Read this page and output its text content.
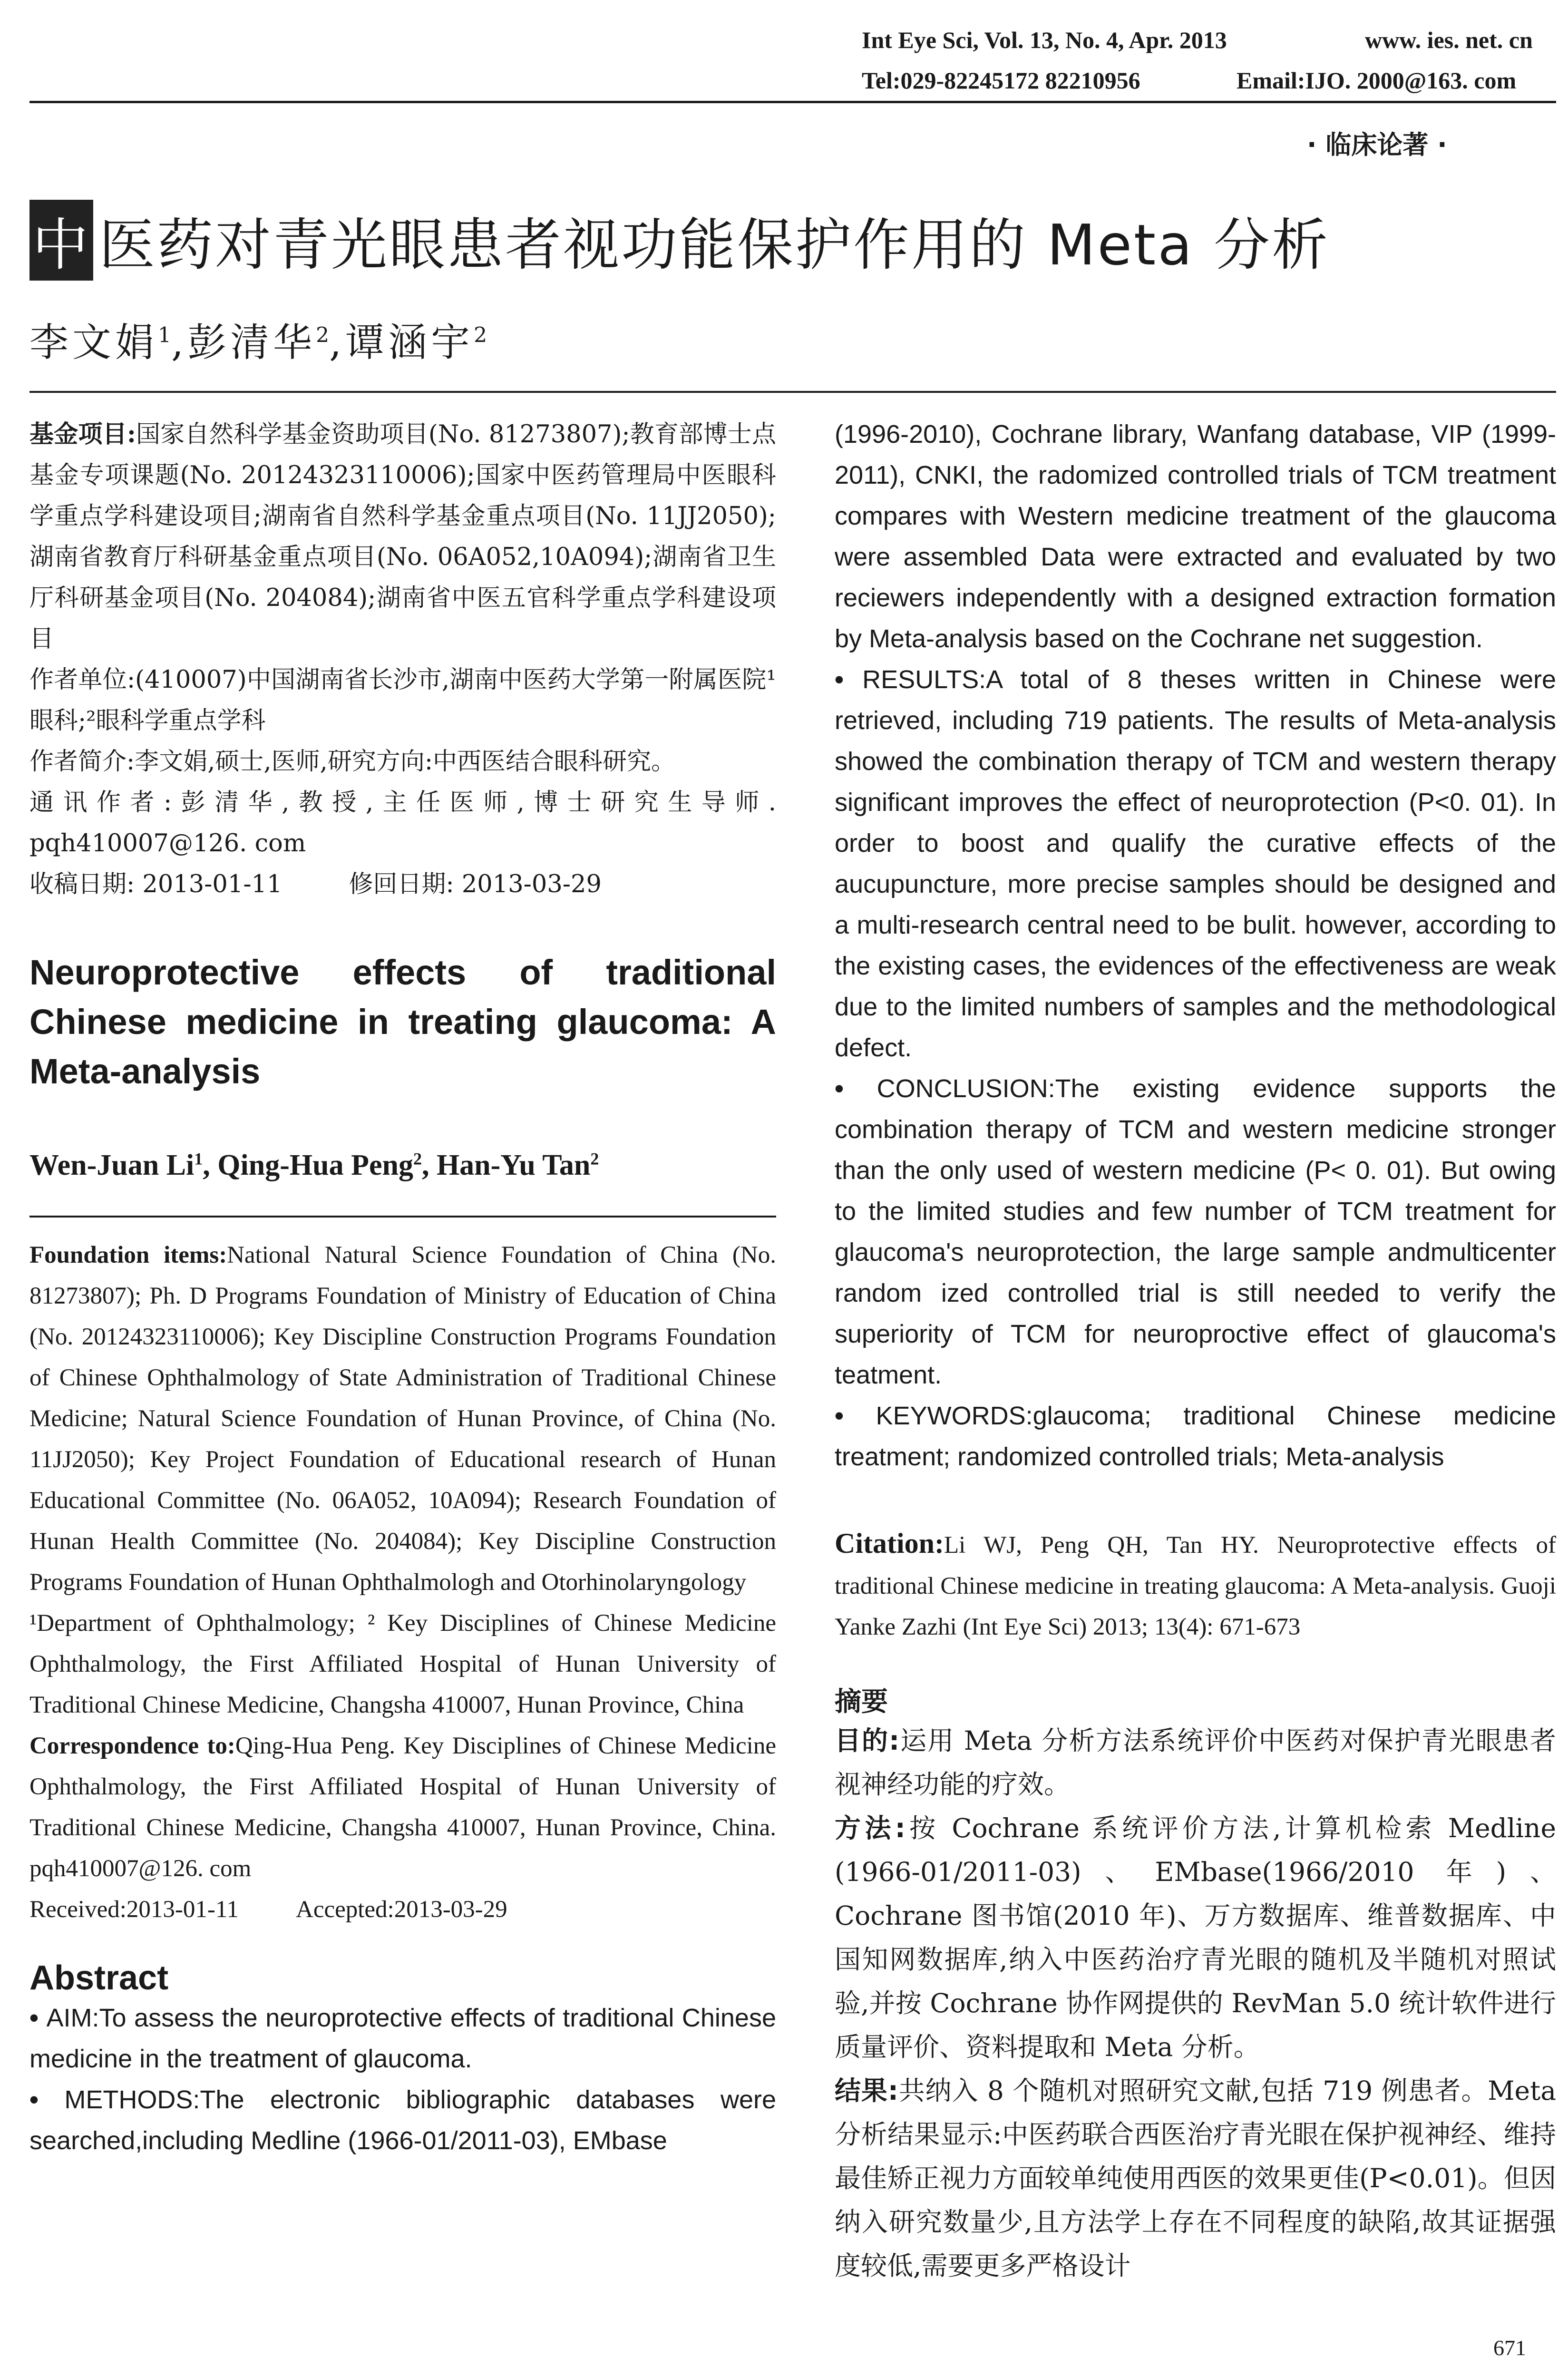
Int Eye Sci, Vol. 13, No. 4, Apr. 2013	www. ies. net. cn
Tel:029-82245172 82210956	Email:IJO. 2000@163. com
· 临床论著 ·
中 医药对青光眼患者视功能保护作用的 Meta 分析
李文娟$^1$,彭清华$^2$,谭涵宇$^2$

基金项目:国家自然科学基金资助项目(No. 81273807);教育部博士点基金专项课题(No. 20124323110006);国家中医药管理局中医眼科学重点学科建设项目;湖南省自然科学基金重点项目(No. 11JJ2050);湖南省教育厅科研基金重点项目(No. 06A052,10A094);湖南省卫生厅科研基金项目(No. 204084);湖南省中医五官科学重点学科建设项目

作者单位:(410007)中国湖南省长沙市,湖南中医药大学第一附属医院¹眼科;²眼科学重点学科

作者简介:李文娟,硕士,医师,研究方向:中西医结合眼科研究。

通讯作者:彭清华,教授,主任医师,博士研究生导师. pqh410007@126. com

收稿日期: 2013-01-11	修回日期: 2013-03-29

Neuroprotective effects of traditional Chinese medicine in treating glaucoma: A Meta-analysis

Wen-Juan Li$^1$, Qing-Hua Peng$^2$, Han-Yu Tan$^2$

Foundation items:National Natural Science Foundation of China (No. 81273807); Ph. D Programs Foundation of Ministry of Education of China (No. 20124323110006); Key Discipline Construction Programs Foundation of Chinese Ophthalmology of State Administration of Traditional Chinese Medicine; Natural Science Foundation of Hunan Province, of China (No. 11JJ2050); Key Project Foundation of Educational research of Hunan Educational Committee (No. 06A052, 10A094); Research Foundation of Hunan Health Committee (No. 204084); Key Discipline Construction Programs Foundation of Hunan Ophthalmologh and Otorhinolaryngology

¹Department of Ophthalmology; ² Key Disciplines of Chinese Medicine Ophthalmology, the First Affiliated Hospital of Hunan University of Traditional Chinese Medicine, Changsha 410007, Hunan Province, China

Correspondence to:Qing-Hua Peng. Key Disciplines of Chinese Medicine Ophthalmology, the First Affiliated Hospital of Hunan University of Traditional Chinese Medicine, Changsha 410007, Hunan Province, China. pqh410007@126. com

Received:2013-01-11 Accepted:2013-03-29

Abstract

• AIM:To assess the neuroprotective effects of traditional Chinese medicine in the treatment of glaucoma.

• METHODS:The electronic bibliographic databases were searched,including Medline (1966-01/2011-03), EMbase

(1996-2010), Cochrane library, Wanfang database, VIP (1999-2011), CNKI, the radomized controlled trials of TCM treatment compares with Western medicine treatment of the glaucoma were assembled Data were extracted and evaluated by two reciewers independently with a designed extraction formation by Meta-analysis based on the Cochrane net suggestion.

• RESULTS:A total of 8 theses written in Chinese were retrieved, including 719 patients. The results of Meta-analysis showed the combination therapy of TCM and western therapy significant improves the effect of neuroprotection (P<0. 01). In order to boost and qualify the curative effects of the aucupuncture, more precise samples should be designed and a multi-research central need to be bulit. however, according to the existing cases, the evidences of the effectiveness are weak due to the limited numbers of samples and the methodological defect.

• CONCLUSION:The existing evidence supports the combination therapy of TCM and western medicine stronger than the only used of western medicine (P< 0. 01). But owing to the limited studies and few number of TCM treatment for glaucoma's neuroprotection, the large sample andmulticenter random ized controlled trial is still needed to verify the superiority of TCM for neuroproctive effect of glaucoma's teatment.

• KEYWORDS:glaucoma; traditional Chinese medicine treatment; randomized controlled trials; Meta-analysis

Citation:Li WJ, Peng QH, Tan HY. Neuroprotective effects of traditional Chinese medicine in treating glaucoma: A Meta-analysis. Guoji Yanke Zazhi (Int Eye Sci) 2013; 13(4): 671-673

摘要

目的:运用 Meta 分析方法系统评价中医药对保护青光眼患者视神经功能的疗效。

方法:按 Cochrane 系统评价方法,计算机检索 Medline (1966-01/2011-03)、EMbase(1966/2010 年)、Cochrane 图书馆(2010 年)、万方数据库、维普数据库、中国知网数据库,纳入中医药治疗青光眼的随机及半随机对照试验,并按 Cochrane 协作网提供的 RevMan 5.0 统计软件进行质量评价、资料提取和 Meta 分析。

结果:共纳入 8 个随机对照研究文献,包括 719 例患者。Meta 分析结果显示:中医药联合西医治疗青光眼在保护视神经、维持最佳矫正视力方面较单纯使用西医的效果更佳(P<0.01)。但因纳入研究数量少,且方法学上存在不同程度的缺陷,故其证据强度较低,需要更多严格设计

671
